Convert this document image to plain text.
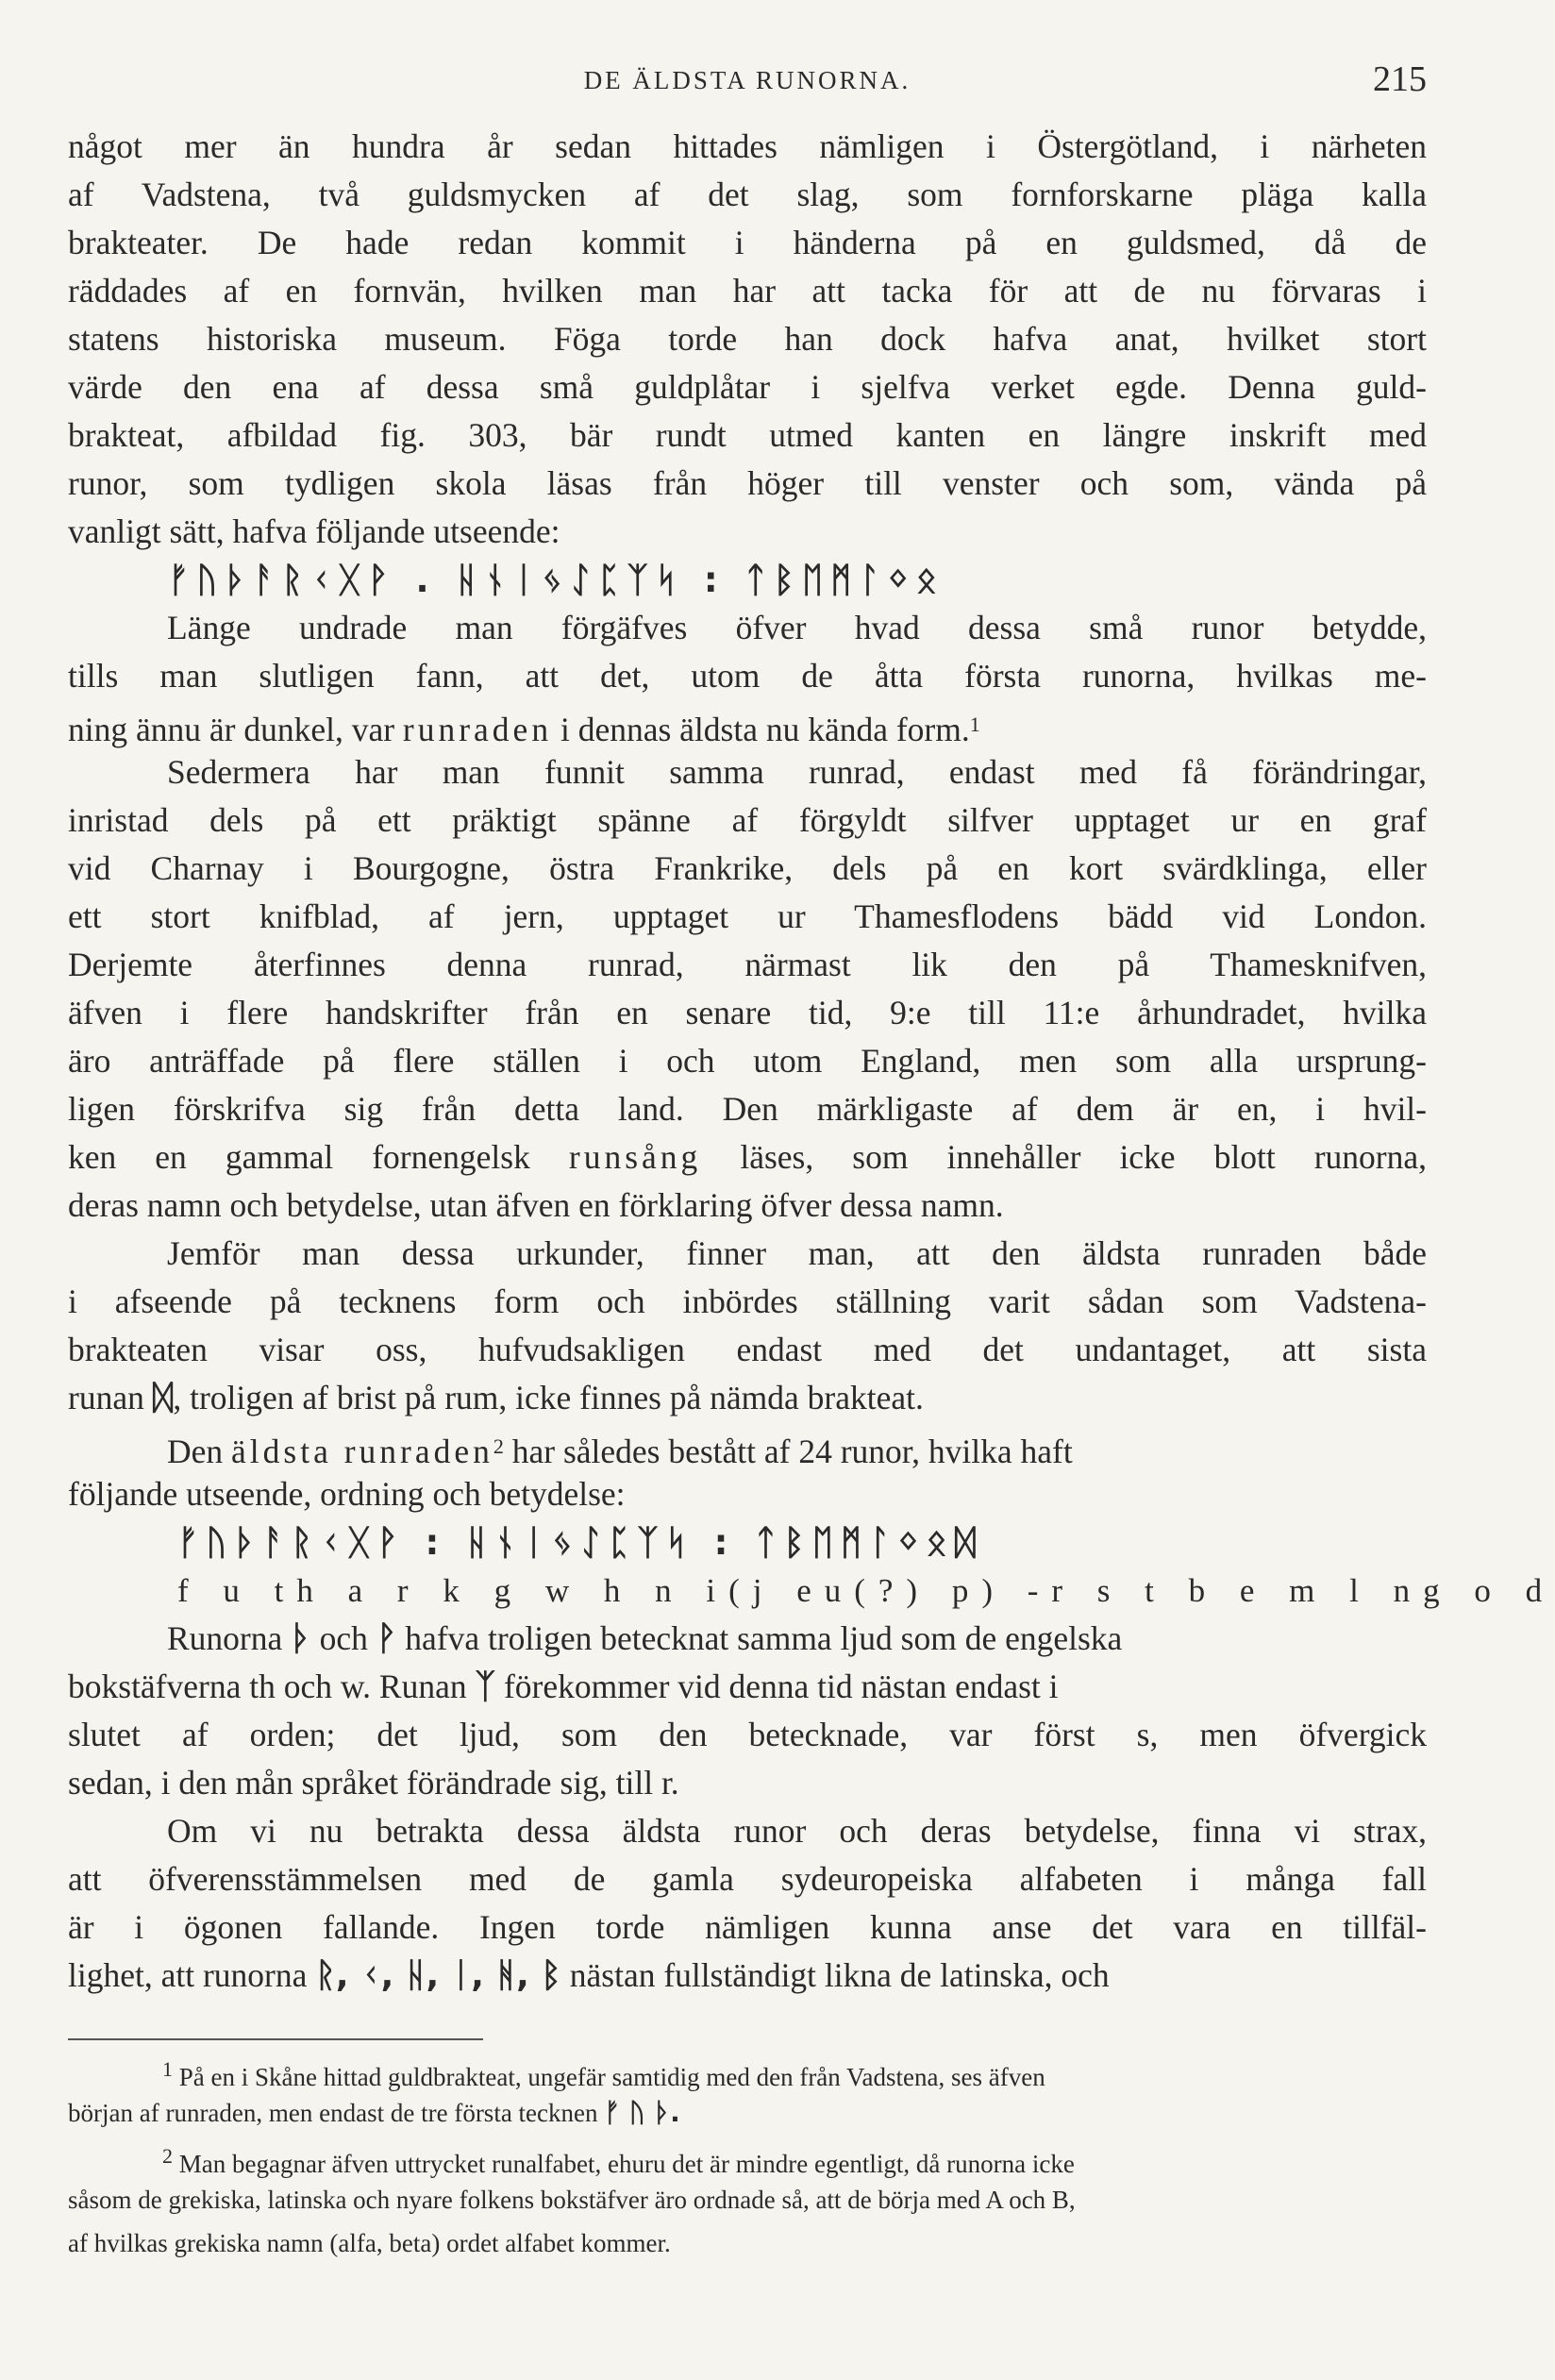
DE ÄLDSTA RUNORNA.	215
något mer än hundra år sedan hittades nämligen i Östergötland, i närheten
af Vadstena, två guldsmycken af det slag, som fornforskarne pläga kalla
brakteater. De hade redan kommit i händerna på en guldsmed, då de
räddades af en fornvän, hvilken man har att tacka för att de nu förvaras i
statens historiska museum. Föga torde han dock hafva anat, hvilket stort
värde den ena af dessa små guldplåtar i sjelfva verket egde. Denna guld-
brakteat, afbildad fig. 303, bär rundt utmed kanten en längre inskrift med
runor, som tydligen skola läsas från höger till venster och som, vända på
vanligt sätt, hafva följande utseende:
ᚠᚢᚦᚨᚱᚲᚷᚹ . ᚺᚾᛁᛃᛇᛈᛉᛋ : ᛏᛒᛖᛗᛚᛜᛟ
Länge undrade man förgäfves öfver hvad dessa små runor betydde,
tills man slutligen fann, att det, utom de åtta första runorna, hvilkas me-
ning ännu är dunkel, var runraden i dennas äldsta nu kända form.$^1$
Sedermera har man funnit samma runrad, endast med få förändringar,
inristad dels på ett präktigt spänne af förgyldt silfver upptaget ur en graf
vid Charnay i Bourgogne, östra Frankrike, dels på en kort svärdklinga, eller
ett stort knifblad, af jern, upptaget ur Thamesflodens bädd vid London.
Derjemte återfinnes denna runrad, närmast lik den på Thamesknifven,
äfven i flere handskrifter från en senare tid, 9:e till 11:e århundradet, hvilka
äro anträffade på flere ställen i och utom England, men som alla ursprung-
ligen förskrifva sig från detta land. Den märkligaste af dem är en, i hvil-
ken en gammal fornengelsk runsång läses, som innehåller icke blott runorna,
deras namn och betydelse, utan äfven en förklaring öfver dessa namn.
Jemför man dessa urkunder, finner man, att den äldsta runraden både
i afseende på tecknens form och inbördes ställning varit sådan som Vadstena-
brakteaten visar oss, hufvudsakligen endast med det undantaget, att sista
runan ᛞ, troligen af brist på rum, icke finnes på nämda brakteat.
Den äldsta runraden$^2$ har således bestått af 24 runor, hvilka haft
följande utseende, ordning och betydelse:
ᚠᚢᚦᚨᚱᚲᚷᚹ : ᚺᚾᛁᛃᛇᛈᛉᛋ : ᛏᛒᛖᛗᛚᛜᛟᛞ
f u th a r k g w h n i(j eu(?) p) -r s t b e m l ng o d
Runorna ᚦ och ᚹ hafva troligen betecknat samma ljud som de engelska
bokstäfverna th och w. Runan ᛉ förekommer vid denna tid nästan endast i
slutet af orden; det ljud, som den betecknade, var först s, men öfvergick
sedan, i den mån språket förändrade sig, till r.
Om vi nu betrakta dessa äldsta runor och deras betydelse, finna vi strax,
att öfverensstämmelsen med de gamla sydeuropeiska alfabeten i många fall
är i ögonen fallande. Ingen torde nämligen kunna anse det vara en tillfäl-
lighet, att runorna ᚱ, ᚲ, ᚺ, ᛁ, ᚻ, ᛒ nästan fullständigt likna de latinska, och
$^1$ På en i Skåne hittad guldbrakteat, ungefär samtidig med den från Vadstena, ses äfven
början af runraden, men endast de tre första tecknen ᚠ ᚢ ᚦ.
$^2$ Man begagnar äfven uttrycket runalfabet, ehuru det är mindre egentligt, då runorna icke
såsom de grekiska, latinska och nyare folkens bokstäfver äro ordnade så, att de börja med A och B,
af hvilkas grekiska namn (alfa, beta) ordet alfabet kommer.
